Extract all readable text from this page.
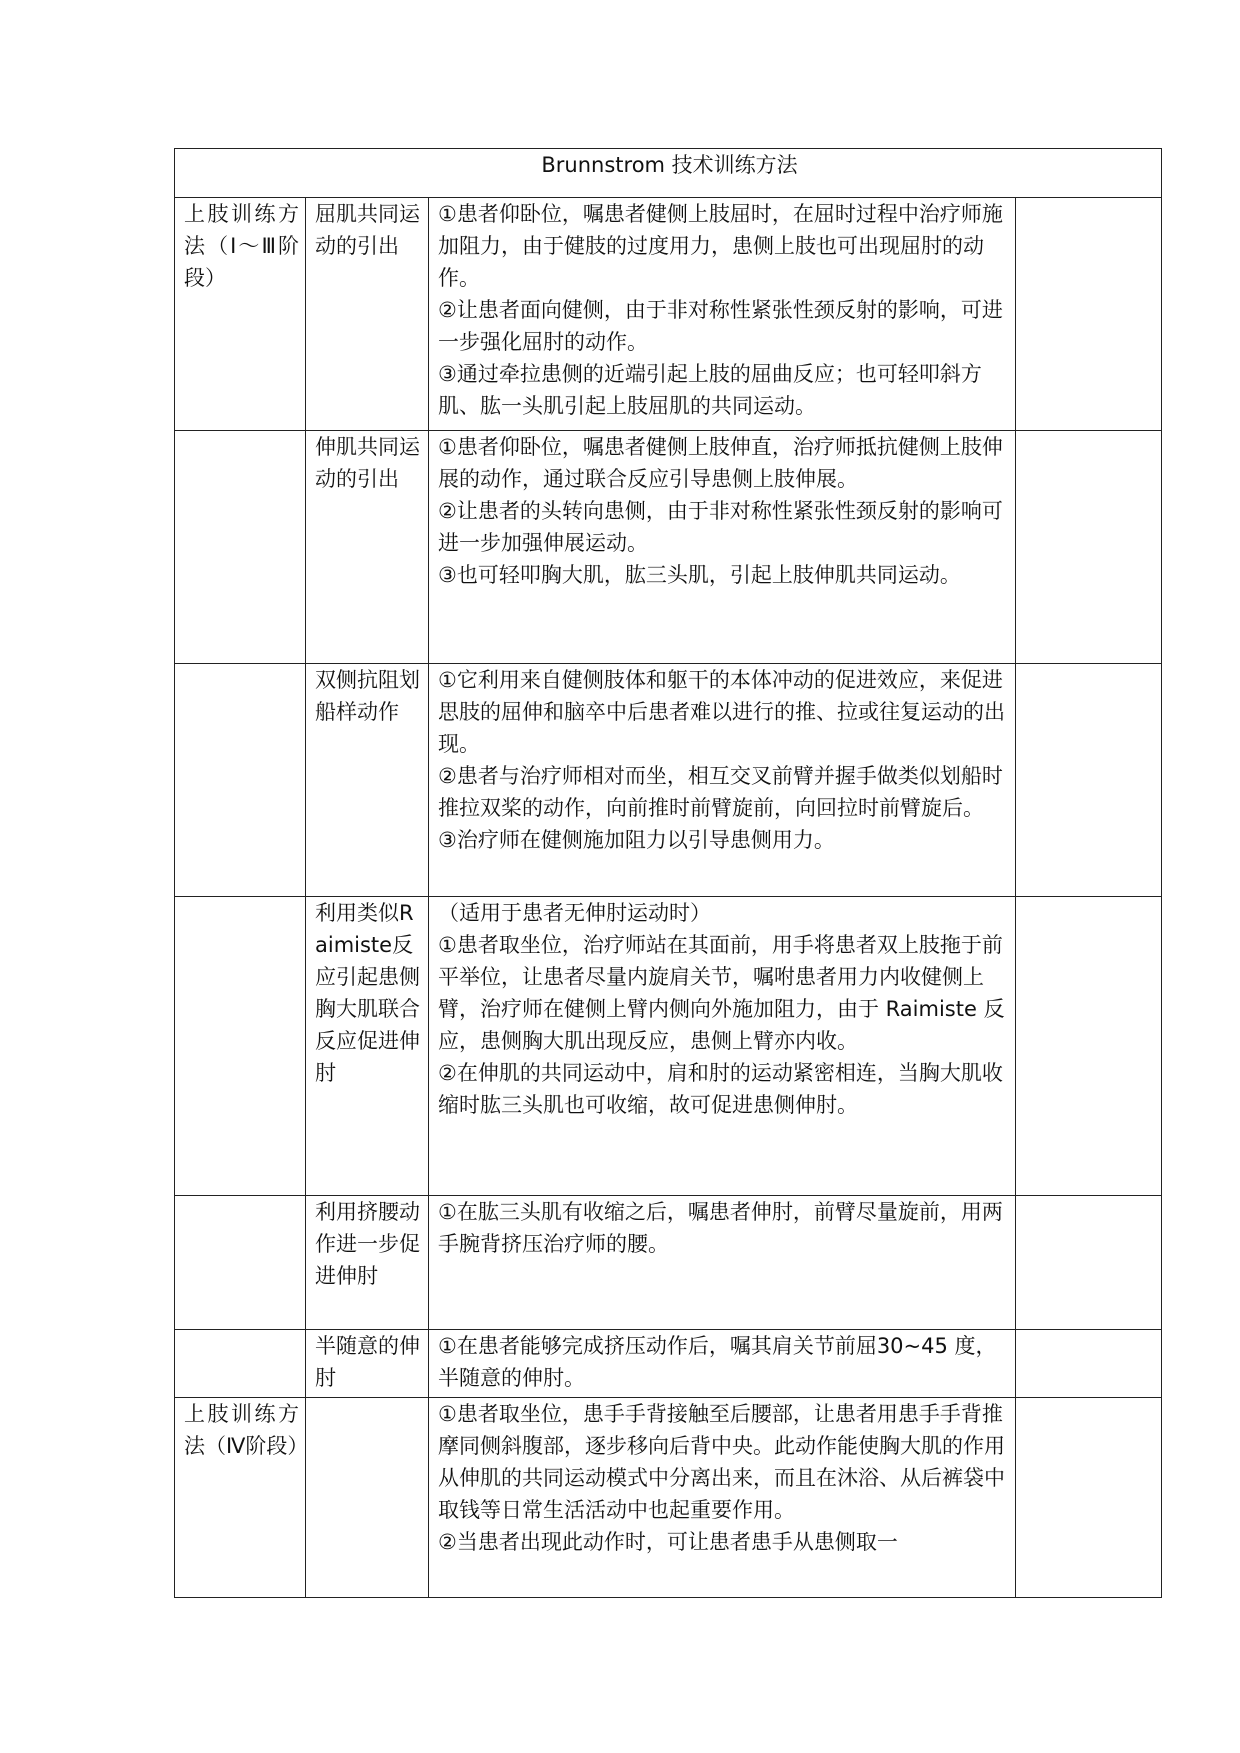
Brunnstrom 技术训练方法			
上肢训练方法（Ⅰ～Ⅲ阶段）	屈肌共同运动的引出	①患者仰卧位，嘱患者健侧上肢屈时，在屈时过程中治疗师施加阻力，由于健肢的过度用力，患侧上肢也可出现屈肘的动作。

②让患者面向健侧，由于非对称性紧张性颈反射的影响，可进一步强化屈肘的动作。

③通过牵拉患侧的近端引起上肢的屈曲反应；也可轻叩斜方肌、肱一头肌引起上肢屈肌的共同运动。	

	伸肌共同运动的引出	①患者仰卧位，嘱患者健侧上肢伸直，治疗师抵抗健侧上肢伸展的动作，通过联合反应引导患侧上肢伸展。

②让患者的头转向患侧，由于非对称性紧张性颈反射的影响可进一步加强伸展运动。

③也可轻叩胸大肌，肱三头肌，引起上肢伸肌共同运动。	

	双侧抗阻划船样动作	①它利用来自健侧肢体和躯干的本体冲动的促进效应，来促进思肢的屈伸和脑卒中后患者难以进行的推、拉或往复运动的出现。

②患者与治疗师相对而坐，相互交叉前臂并握手做类似划船时推拉双桨的动作，向前推时前臂旋前，向回拉时前臂旋后。

③治疗师在健侧施加阻力以引导患侧用力。	

	利用类似Raimiste反应引起患侧胸大肌联合反应促进伸肘	（适用于患者无伸肘运动时）

①患者取坐位，治疗师站在其面前，用手将患者双上肢拖于前平举位，让患者尽量内旋肩关节，嘱咐患者用力内收健侧上臂，治疗师在健侧上臂内侧向外施加阻力，由于 Raimiste 反应，患侧胸大肌出现反应，患侧上臂亦内收。

②在伸肌的共同运动中，肩和肘的运动紧密相连，当胸大肌收缩时肱三头肌也可收缩，故可促进患侧伸肘。	

	利用挤腰动作进一步促进伸肘	①在肱三头肌有收缩之后，嘱患者伸肘，前臂尽量旋前，用两手腕背挤压治疗师的腰。	

	半随意的伸肘	①在患者能够完成挤压动作后，嘱其肩关节前屈30~45 度，半随意的伸肘。	

上肢训练方法（Ⅳ阶段）		①患者取坐位，患手手背接触至后腰部，让患者用患手手背推摩同侧斜腹部，逐步移向后背中央。此动作能使胸大肌的作用从伸肌的共同运动模式中分离出来，而且在沐浴、从后裤袋中取钱等日常生活活动中也起重要作用。

②当患者出现此动作时，可让患者患手从患侧取一	
